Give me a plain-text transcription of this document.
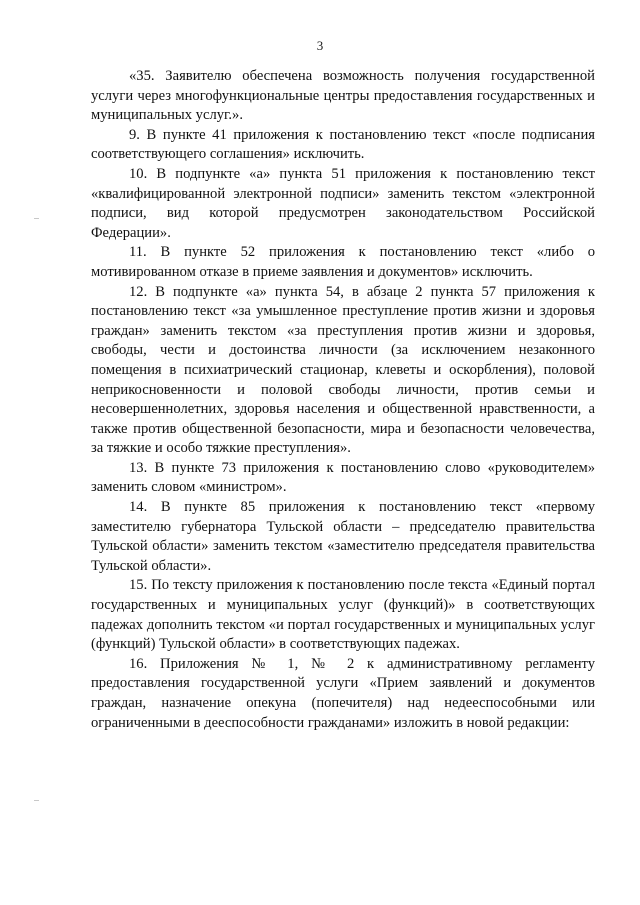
3

«35. Заявителю обеспечена возможность получения государственной услуги через многофункциональные центры предоставления государственных и муниципальных услуг.».

9. В пункте 41 приложения к постановлению текст «после подписания соответствующего соглашения» исключить.

10. В подпункте «а» пункта 51 приложения к постановлению текст «квалифицированной электронной подписи» заменить текстом «электронной подписи, вид которой предусмотрен законодательством Российской Федерации».

11. В пункте 52 приложения к постановлению текст «либо о мотивированном отказе в приеме заявления и документов» исключить.

12. В подпункте «а» пункта 54, в абзаце 2 пункта 57 приложения к постановлению текст «за умышленное преступление против жизни и здоровья граждан» заменить текстом «за преступления против жизни и здоровья, свободы, чести и достоинства личности (за исключением незаконного помещения в психиатрический стационар, клеветы и оскорбления), половой неприкосновенности и половой свободы личности, против семьи и несовершеннолетних, здоровья населения и общественной нравственности, а также против общественной безопасности, мира и безопасности человечества, за тяжкие и особо тяжкие преступления».

13. В пункте 73 приложения к постановлению слово «руководителем» заменить словом «министром».

14. В пункте 85 приложения к постановлению текст «первому заместителю губернатора Тульской области – председателю правительства Тульской области» заменить текстом «заместителю председателя правительства Тульской области».

15. По тексту приложения к постановлению после текста «Единый портал государственных и муниципальных услуг (функций)» в соответствующих падежах дополнить текстом «и портал государственных и муниципальных услуг (функций) Тульской области» в соответствующих падежах.

16. Приложения № 1, № 2 к административному регламенту предоставления государственной услуги «Прием заявлений и документов граждан, назначение опекуна (попечителя) над недееспособными или ограниченными в дееспособности гражданами» изложить в новой редакции:
